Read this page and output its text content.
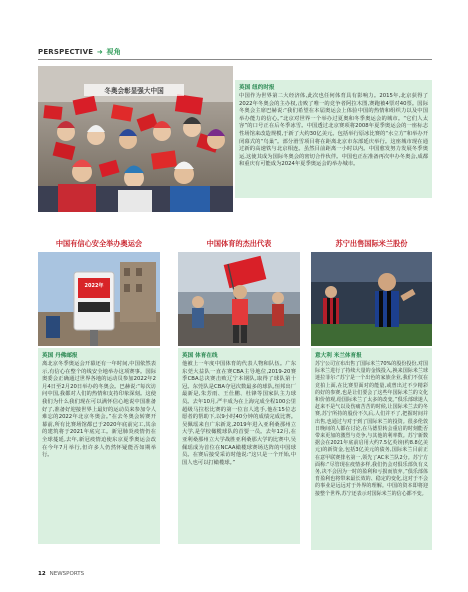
PERSPECTIVE ➜ 视角
英国 纽约时报
中国作为世界第二大经济体,此次也任何体育具有影响力。2015年,北京获得了2022年冬奥会的主办权,击败了唯一的竞争者阿拉木图,赛跑被4票对40票。国际冬奥会主席巴赫说:“我们希望在本届奥运会上体验中国的热情和组织力以及中国举办能力的信心。”北京对世界一个举办过夏奥和冬季奥运会的城市。“它们人太容”的口号正在后冬季冰雪。中国透过北京赛项将2008年夏季奥运会的一座标志性场馆来改造规模,于新了大约30亿美元。包括举行原冰比赛的“水立方”和举办开闭幕式的“鸟巢”。部分滑雪项目将在距离北京市东部延庆举行。这座城市现在通过新的高速铁与北京相连。虽然目前距离一小时以内。中国愈发努力发展冬季奥运,这使其成为国际冬奥会的密切合作伙伴。中国也正在准备再次申办冬奥会,成都和重庆有可能成为2024年夏季奥运会的举办城市。
冬奥会彰显强大中国
中国有信心安全举办奥运会	中国体育的杰出代表	苏宁出售国际米兰股份
2022年
英国 丹佛邮报
离北京冬季奥运会开幕还有一年时间,中国依然表示,有信心在整个的线安全地举办这项赛事。国际奥委会正确通过世界各地的运动员参加2022年2月4日至2月20日举办的冬奥会。巴赫说:“每次访问中国,我都对人们的热情和支持印象深刻。这使我们为什么我们现在可以满怀信心地说中国准备好了,准备好迎接世界上最好的运动员来参加令人难忘的2022年北京冬奥会。”在去冬奥会转赛开幕前,所有比赛场馆都已于2020年底前完工,其余的建筑将于2021年底完工。新冠肺炎疫情仍在全球蔓延,去年,新冠疫情迫使东京夏季奥运会改在今年7月举行,但许多人仍然怀疑能否如期举行。
英国 体育在线
他被上一年度中国体育的代表人物和队伍。广东东莞大益队一直在赛CBA主导地位,2019-20赛季CBA总决赛击败辽宁本钢队,取得了球队第十冠。东莞队是CBA夺冠次数最多的球队,恒邦出厂最新是,朱芳雨、王仕鹏、杜锋等国家队主力球员。去年10月,严丰成为在上海完成全程100公里超级马拉松比赛的第一位盲人选手,他在15位志愿者的帮助下,以9小时40分钟的成绩完成比赛。吴佩瑶来自广东新龙,2019年进入亚利桑那州立大学,是学校橄榄球队的首要一员。去年12月,在亚利桑那州立大学战胜亚利桑那大学的比赛中,吴佩瑶成为首位在NCAA橄榄球赛场达阵的中国球员。在赛后接受采访时他说:“这只是一个开始,中国人也可以打橄榄球。”
意大利 米兰体育报
苏宁公司宣布出售了国际米兰70%的股份投份,对国际米兰进行了持续大量的金钱投入,换来国际米兰球迷拉菲尔:“苏宁是一个出色的家族企业,我们不仅在竞拍上面,在比赛里面对的能量,或曾出过不少精彩的好的参赛,也是让们要会了这些年国际米兰的文化和价值观,给国际米兰了太多的改变。”俱乐部球迷人赶来不是气以及伤痛苦苦的时候,让国际米兰去的冬赛,苏宁所持的股份不久后,人们并不了,把握时间并出售,也通过与对于到了国际米兰的投资。很多伦敦日晚间的人都在讨论,在马德里转会重启的时刻能否带来更加的激烈与竞争,与其他的利率数。苏宁新数据会在2021年底前启用大约7.5亿英镑(约8.8亿美元)的新资金,包括3亿美元的债务,国际米兰目前正在意甲联赛排名第一,领先了AC米兰队2分。苏宁方面称:“尽管现在疫情多样,我们仍会对俱乐部负有义务,决不会因为一时的盈利和亏损而放弃。”俱乐部体育盈利也将带来最长效的、稳定的变化,这对于不会的事业是远远对于外界的理解。中国的资本即将迎接整个世界,苏宁还表示对国际米兰的信心都不变。
12 NEWSPORTS
